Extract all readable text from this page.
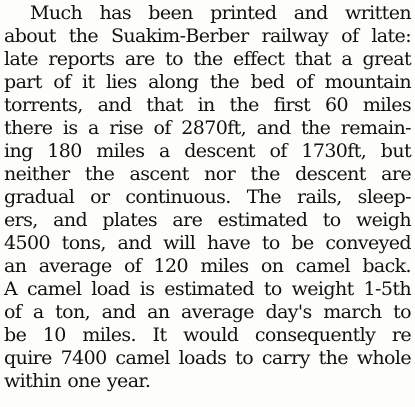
Much has been printed and written

about the Suakim-Berber railway of late:

late reports are to the effect that a great

part of it lies along the bed of mountain

torrents, and that in the first 60 miles

there is a rise of 2870ft, and the remain-

ing 180 miles a descent of 1730ft, but

neither the ascent nor the descent are

gradual or continuous. The rails, sleep-

ers, and plates are estimated to weigh

4500 tons, and will have to be conveyed

an average of 120 miles on camel back.

A camel load is estimated to weight 1-5th

of a ton, and an average day's march to

be 10 miles. It would consequently re

quire 7400 camel loads to carry the whole

within one year.
